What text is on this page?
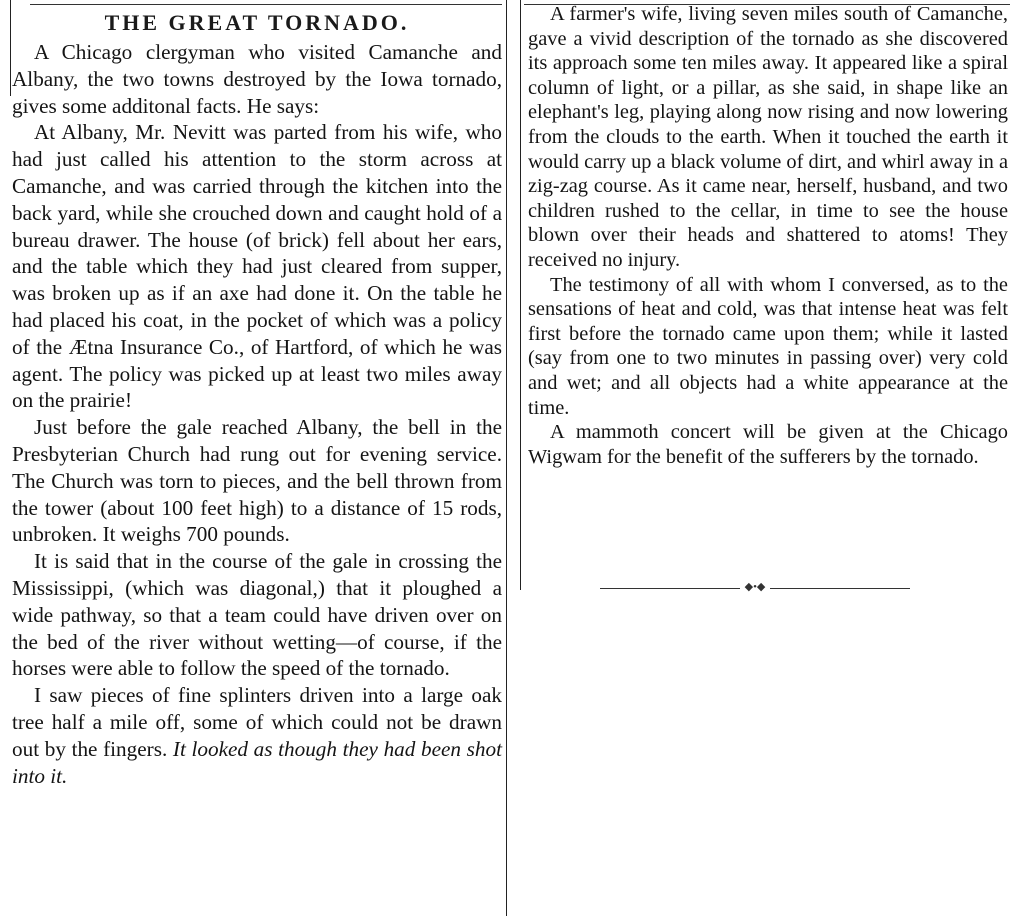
THE GREAT TORNADO.

A Chicago clergyman who visited Camanche and Albany, the two towns destroyed by the Iowa tornado, gives some additonal facts. He says:

At Albany, Mr. Nevitt was parted from his wife, who had just called his attention to the storm across at Camanche, and was carried through the kitchen into the back yard, while she crouched down and caught hold of a bureau drawer. The house (of brick) fell about her ears, and the table which they had just cleared from supper, was broken up as if an axe had done it. On the table he had placed his coat, in the pocket of which was a policy of the Ætna Insurance Co., of Hartford, of which he was agent. The policy was picked up at least two miles away on the prairie!

Just before the gale reached Albany, the bell in the Presbyterian Church had rung out for evening service. The Church was torn to pieces, and the bell thrown from the tower (about 100 feet high) to a distance of 15 rods, unbroken. It weighs 700 pounds.

It is said that in the course of the gale in crossing the Mississippi, (which was diagonal,) that it ploughed a wide pathway, so that a team could have driven over on the bed of the river without wetting—of course, if the horses were able to follow the speed of the tornado.

I saw pieces of fine splinters driven into a large oak tree half a mile off, some of which could not be drawn out by the fingers. It looked as though they had been shot into it.

A farmer's wife, living seven miles south of Camanche, gave a vivid description of the tornado as she discovered its approach some ten miles away. It appeared like a spiral column of light, or a pillar, as she said, in shape like an elephant's leg, playing along now rising and now lowering from the clouds to the earth. When it touched the earth it would carry up a black volume of dirt, and whirl away in a zig-zag course. As it came near, herself, husband, and two children rushed to the cellar, in time to see the house blown over their heads and shattered to atoms! They received no injury.

The testimony of all with whom I conversed, as to the sensations of heat and cold, was that intense heat was felt first before the tornado came upon them; while it lasted (say from one to two minutes in passing over) very cold and wet; and all objects had a white appearance at the time.

A mammoth concert will be given at the Chicago Wigwam for the benefit of the sufferers by the tornado.

◆•◆
